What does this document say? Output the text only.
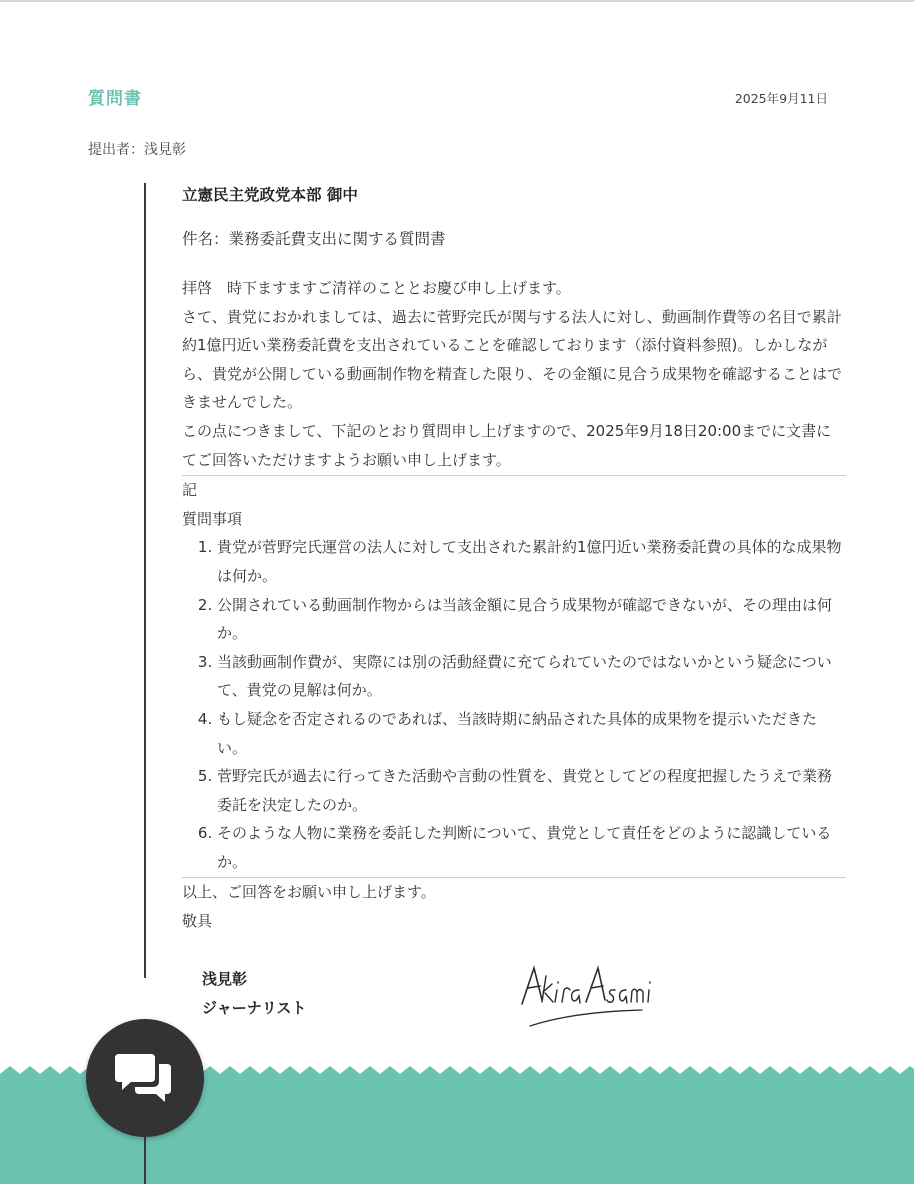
質問書	2025年9月11日
提出者：浅見彰

立憲民主党政党本部 御中

件名：業務委託費支出に関する質問書

拝啓　時下ますますご清祥のこととお慶び申し上げます。

さて、貴党におかれましては、過去に菅野完氏が関与する法人に対し、動画制作費等の名目で累計約1億円近い業務委託費を支出されていることを確認しております（添付資料参照)。しかしながら、貴党が公開している動画制作物を精査した限り、その金額に見合う成果物を確認することはできませんでした。

この点につきまして、下記のとおり質問申し上げますので、2025年9月18日20:00までに文書にてご回答いただけますようお願い申し上げます。

記

質問事項

1. 貴党が菅野完氏運営の法人に対して支出された累計約1億円近い業務委託費の具体的な成果物は何か。
2. 公開されている動画制作物からは当該金額に見合う成果物が確認できないが、その理由は何か。
3. 当該動画制作費が、実際には別の活動経費に充てられていたのではないかという疑念について、貴党の見解は何か。
4. もし疑念を否定されるのであれば、当該時期に納品された具体的成果物を提示いただきたい。
5. 菅野完氏が過去に行ってきた活動や言動の性質を、貴党としてどの程度把握したうえで業務委託を決定したのか。
6. そのような人物に業務を委託した判断について、貴党として責任をどのように認識しているか。

以上、ご回答をお願い申し上げます。

敬具

浅見彰
ジャーナリスト
